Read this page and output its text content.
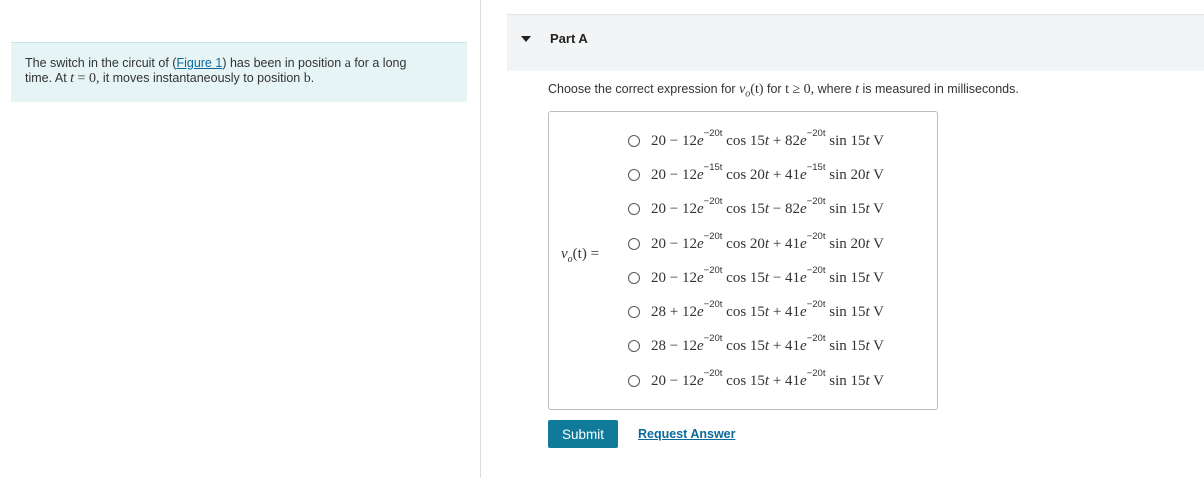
The switch in the circuit of (Figure 1) has been in position a for a long
time. At t = 0, it moves instantaneously to position b.
Part A
Choose the correct expression for $v_o(t)$ for t ≥ 0, where t is measured in milliseconds.
$v_o(t)$ =
$20 - 12e^{-20t}$ $\cos 15t + 82e^{-20t}$ sin 15t V
$20 - 12e^{-15t}$ $\cos 20t + 41e^{-15t}$ sin 20t V
$20 - 12e^{-20t}$ $\cos 15t - 82e^{-20t}$ sin 15t V
$20 - 12e^{-20t}$ $\cos 20t + 41e^{-20t}$ sin 20t V
$20 - 12e^{-20t}$ $\cos 15t - 41e^{-20t}$ sin 15t V
$28 + 12e^{-20t}$ $\cos 15t + 41e^{-20t}$ sin 15t V
$28 - 12e^{-20t}$ $\cos 15t + 41e^{-20t}$ sin 15t V
$20 - 12e^{-20t}$ $\cos 15t + 41e^{-20t}$ sin 15t V
Submit	Request Answer
